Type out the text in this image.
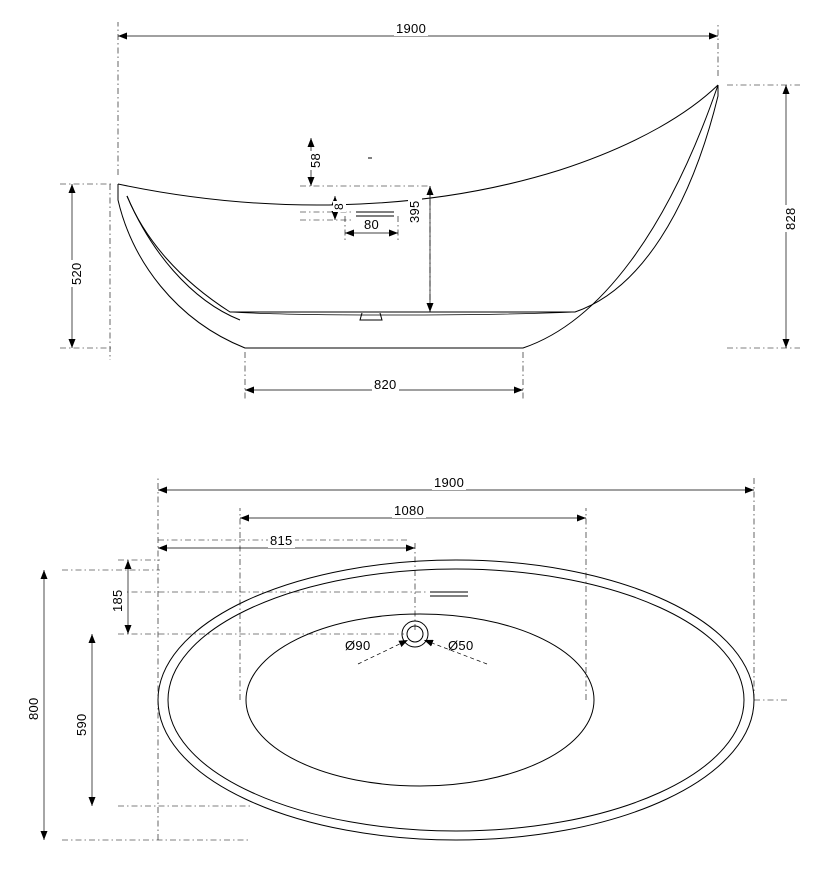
1900
828
520
820
58
8
80
395
1900
1080
815
185
590
800
Ø90	Ø50
